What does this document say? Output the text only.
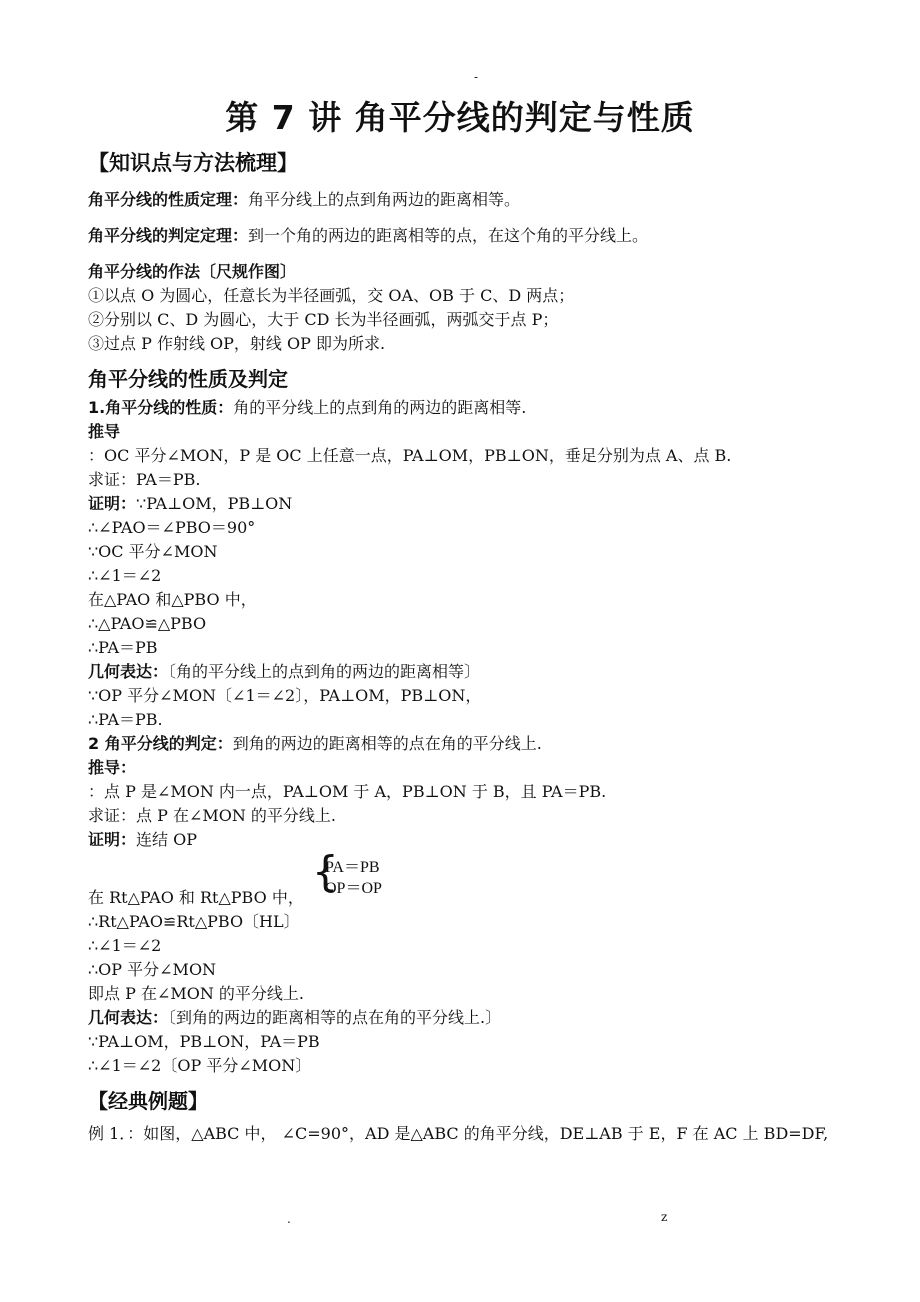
-
第 7 讲 角平分线的判定与性质
【知识点与方法梳理】
角平分线的性质定理：角平分线上的点到角两边的距离相等。
角平分线的判定定理：到一个角的两边的距离相等的点，在这个角的平分线上。
角平分线的作法〔尺规作图〕
①以点 O 为圆心，任意长为半径画弧，交 OA、OB 于 C、D 两点；
②分别以 C、D 为圆心，大于 CD 长为半径画弧，两弧交于点 P；
③过点 P 作射线 OP，射线 OP 即为所求.
角平分线的性质及判定
1.角平分线的性质：角的平分线上的点到角的两边的距离相等.
推导
：OC 平分∠MON，P 是 OC 上任意一点，PA⊥OM，PB⊥ON，垂足分别为点 A、点 B.
求证：PA＝PB.
证明：∵PA⊥OM，PB⊥ON
∴∠PAO＝∠PBO＝90°
∵OC 平分∠MON
∴∠1＝∠2
在△PAO 和△PBO 中，
∴△PAO≌△PBO
∴PA＝PB
几何表达：〔角的平分线上的点到角的两边的距离相等〕
∵OP 平分∠MON〔∠1＝∠2〕，PA⊥OM，PB⊥ON，
∴PA＝PB.
2 角平分线的判定：到角的两边的距离相等的点在角的平分线上.
推导：
：点 P 是∠MON 内一点，PA⊥OM 于 A，PB⊥ON 于 B，且 PA＝PB.
求证：点 P 在∠MON 的平分线上.
证明：连结 OP
{
PA＝PB
OP＝OP
在 Rt△PAO 和 Rt△PBO 中，
∴Rt△PAO≌Rt△PBO〔HL〕
∴∠1＝∠2
∴OP 平分∠MON
即点 P 在∠MON 的平分线上.
几何表达：〔到角的两边的距离相等的点在角的平分线上.〕
∵PA⊥OM，PB⊥ON，PA＝PB
∴∠1＝∠2〔OP 平分∠MON〕
【经典例题】
例 1．：如图，△ABC 中， ∠C=90°，AD 是△ABC 的角平分线，DE⊥AB 于 E，F 在 AC 上 BD=DF,
.	z
